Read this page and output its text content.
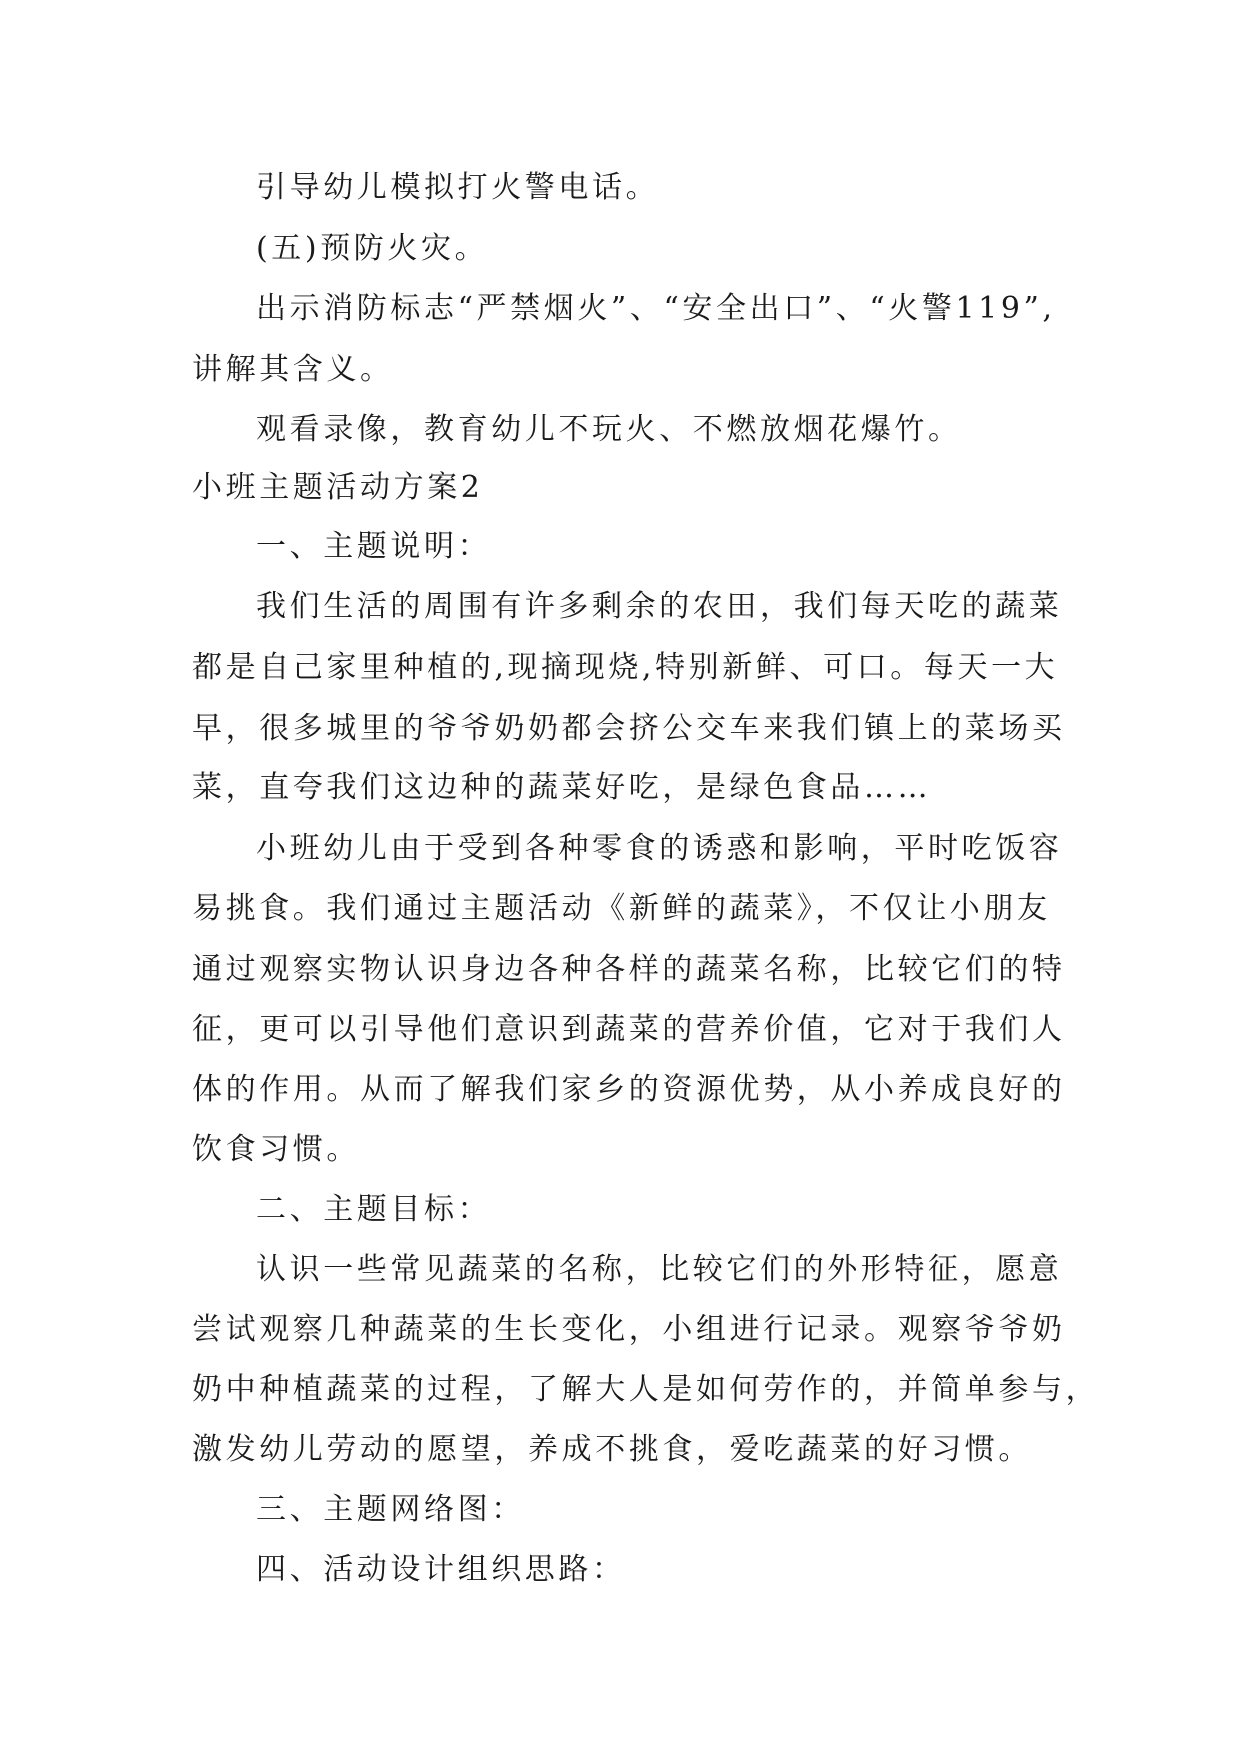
引导幼儿模拟打火警电话。
(五)预防火灾。
出示消防标志“严禁烟火”、“安全出口”、“火警119”,
讲解其含义。
观看录像，教育幼儿不玩火、不燃放烟花爆竹。
小班主题活动方案2
一、主题说明：
我们生活的周围有许多剩余的农田，我们每天吃的蔬菜
都是自己家里种植的,现摘现烧,特别新鲜、可口。每天一大
早，很多城里的爷爷奶奶都会挤公交车来我们镇上的菜场买
菜，直夸我们这边种的蔬菜好吃，是绿色食品……
小班幼儿由于受到各种零食的诱惑和影响，平时吃饭容
易挑食。我们通过主题活动《新鲜的蔬菜》，不仅让小朋友
通过观察实物认识身边各种各样的蔬菜名称，比较它们的特
征，更可以引导他们意识到蔬菜的营养价值，它对于我们人
体的作用。从而了解我们家乡的资源优势，从小养成良好的
饮食习惯。
二、主题目标：
认识一些常见蔬菜的名称，比较它们的外形特征，愿意
尝试观察几种蔬菜的生长变化，小组进行记录。观察爷爷奶
奶中种植蔬菜的过程，了解大人是如何劳作的，并简单参与，
激发幼儿劳动的愿望，养成不挑食，爱吃蔬菜的好习惯。
三、主题网络图：
四、活动设计组织思路：
